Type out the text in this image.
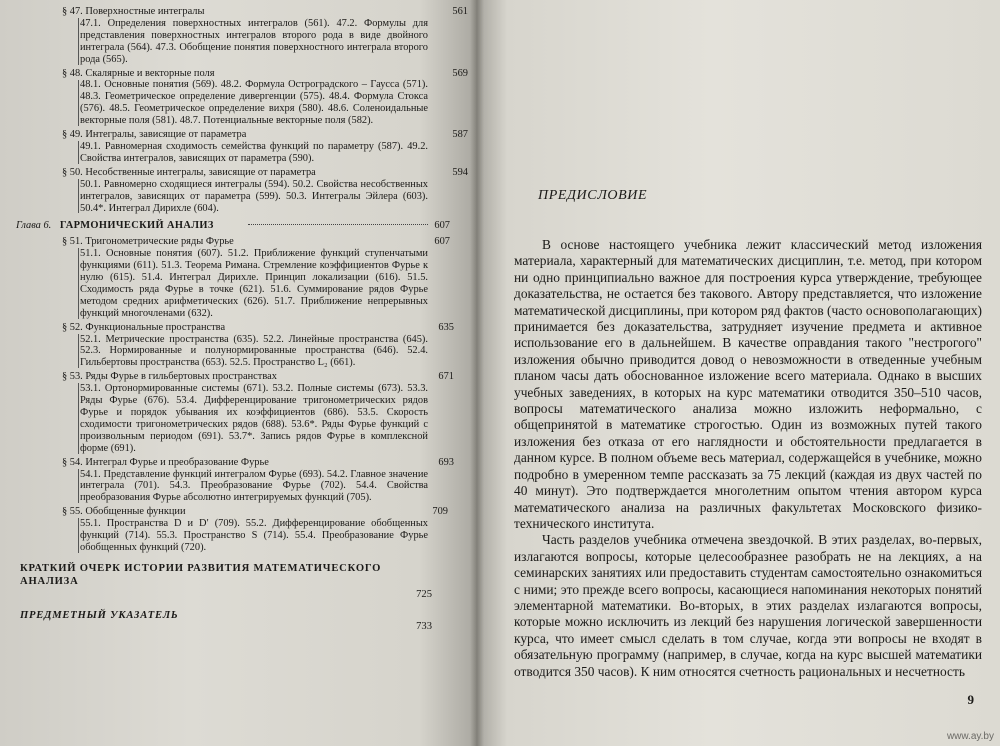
§ 47. Поверхностные интегралы
47.1. Определения поверхностных интегралов (561). 47.2. Формулы для представления поверхностных интегралов второго рода в виде двойного интеграла (564). 47.3. Обобщение понятия поверхностного интеграла второго рода (565).
561
§ 48. Скалярные и векторные поля
48.1. Основные понятия (569). 48.2. Формула Остроградского – Гаусса (571). 48.3. Геометрическое определение дивергенции (575). 48.4. Формула Стокса (576). 48.5. Геометрическое определение вихря (580). 48.6. Соленоидальные векторные поля (581). 48.7. Потенциальные векторные поля (582).
569
§ 49. Интегралы, зависящие от параметра
49.1. Равномерная сходимость семейства функций по параметру (587). 49.2. Свойства интегралов, зависящих от параметра (590).
587
§ 50. Несобственные интегралы, зависящие от параметра
50.1. Равномерно сходящиеся интегралы (594). 50.2. Свойства несобственных интегралов, зависящих от параметра (599). 50.3. Интегралы Эйлера (603). 50.4*. Интеграл Дирихле (604).
594
Глава 6. ГАРМОНИЧЕСКИЙ АНАЛИЗ	607
§ 51. Тригонометрические ряды Фурье
51.1. Основные понятия (607). 51.2. Приближение функций ступенчатыми функциями (611). 51.3. Теорема Римана. Стремление коэффициентов Фурье к нулю (615). 51.4. Интеграл Дирихле. Принцип локализации (616). 51.5. Сходимость ряда Фурье в точке (621). 51.6. Суммирование рядов Фурье методом средних арифметических (626). 51.7. Приближение непрерывных функций многочленами (632).
607
§ 52. Функциональные пространства
52.1. Метрические пространства (635). 52.2. Линейные пространства (645). 52.3. Нормированные и полунормированные пространства (646). 52.4. Гильбертовы пространства (653). 52.5. Пространство L₂ (661).
635
§ 53. Ряды Фурье в гильбертовых пространствах
53.1. Ортонормированные системы (671). 53.2. Полные системы (673). 53.3. Ряды Фурье (676). 53.4. Дифференцирование тригонометрических рядов Фурье и порядок убывания их коэффициентов (686). 53.5. Скорость сходимости тригонометрических рядов (688). 53.6*. Ряды Фурье функций с произвольным периодом (691). 53.7*. Запись рядов Фурье в комплексной форме (691).
671
§ 54. Интеграл Фурье и преобразование Фурье
54.1. Представление функций интегралом Фурье (693). 54.2. Главное значение интеграла (701). 54.3. Преобразование Фурье (702). 54.4. Свойства преобразования Фурье абсолютно интегрируемых функций (705).
693
§ 55. Обобщенные функции
55.1. Пространства D и D′ (709). 55.2. Дифференцирование обобщенных функций (714). 55.3. Пространство S (714). 55.4. Преобразование Фурье обобщенных функций (720).
709
КРАТКИЙ ОЧЕРК ИСТОРИИ РАЗВИТИЯ МАТЕМАТИЧЕСКОГО АНАЛИЗА
725
ПРЕДМЕТНЫЙ УКАЗАТЕЛЬ
733
ПРЕДИСЛОВИЕ

В основе настоящего учебника лежит классический метод изложения материала, характерный для математических дисциплин, т.е. метод, при котором ни одно принципиально важное для построения курса утверждение, требующее доказательства, не остается без такового. Автору представляется, что изложение математической дисциплины, при котором ряд фактов (часто основополагающих) принимается без доказательства, затрудняет изучение предмета и активное использование его в дальнейшем. В качестве оправдания такого "нестрогого" изложения обычно приводится довод о невозможности в отведенные учебным планом часы дать обоснованное изложение всего материала. Однако в высших учебных заведениях, в которых на курс математики отводится 350–510 часов, вопросы математического анализа можно изложить неформально, с общепринятой в математике строгостью. Один из возможных путей такого изложения без отказа от его наглядности и обстоятельности предлагается в данном курсе. В полном объеме весь материал, содержащейся в учебнике, можно подробно в умеренном темпе рассказать за 75 лекций (каждая из двух частей по 40 минут). Это подтверждается многолетним опытом чтения автором курса математического анализа на различных факультетах Московского физико-технического института.

Часть разделов учебника отмечена звездочкой. В этих разделах, во-первых, излагаются вопросы, которые целесообразнее разобрать не на лекциях, а на семинарских занятиях или предоставить студентам самостоятельно ознакомиться с ними; это прежде всего вопросы, касающиеся напоминания некоторых понятий элементарной математики. Во-вторых, в этих разделах излагаются вопросы, которые можно исключить из лекций без нарушения логической завершенности курса, что имеет смысл сделать в том случае, когда эти вопросы не входят в обязательную программу (например, в случае, когда на курс высшей математики отводится 350 часов). К ним относятся счетность рациональных и несчетность

9
www.ay.by
